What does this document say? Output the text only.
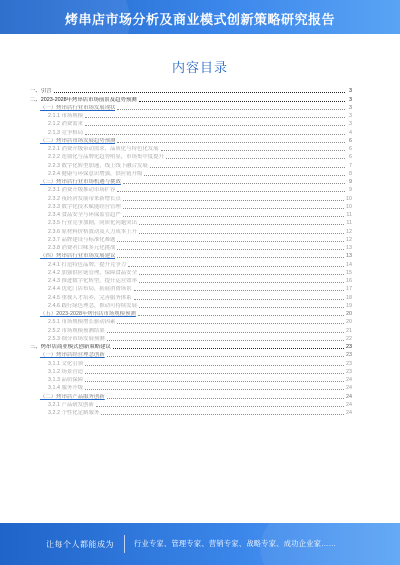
烤串店市场分析及商业模式创新策略研究报告
内容目录
一、引言	3
二、2023-2028年烤串店市场前景及趋势预测	3
（一）烤串店行业市场发展现状	3
2.1.1 市场规模	3
2.1.2 消费需求	3
2.1.3 竞争格局	4
（二）烤串店市场发展趋势预测	6
2.2.1 消费升级带动需求，品质化与特色化发展	6
2.2.2 连锁化与品牌化趋势明显，市场集中度提升	6
2.2.3 数字化转型加速，线上线下融合发展	7
2.2.4 健康与环保意识增强，供应链升级	8
（三）烤串店行业市场机遇与挑战	9
2.3.1 消费升级推动市场扩容	9
2.3.2 夜经济发展带来新增长点	10
2.3.3 数字化技术赋能经营管理	10
2.3.4 食品安全与环保监管趋严	11
2.3.5 行业竞争加剧，同质化问题突出	11
2.3.6 原材料价格波动及人力成本上升	12
2.3.7 品牌建设与标准化难题	12
2.3.8 消费者口味多元化挑战	13
（四）烤串店行业市场发展建议	13
2.4.1 打造特色品牌，提升竞争力	14
2.4.2 加强供应链管理，保障食品安全	15
2.4.3 推进数字化转型，提升运营效率	16
2.4.4 优化门店布局，拓展消费场景	17
2.4.5 重视人才培养，完善服务体系	18
2.4.6 践行绿色理念，推动可持续发展	19
（五）2023-2028年烤串店市场规模预测	20
2.5.1 市场规模增长驱动因素	20
2.5.2 市场规模预测结果	21
2.5.3 细分市场发展预测	22
三、烤串店商业模式创新策略建议	23
（一）烤串店经营理念创新	23
3.1.1 文化引领	23
3.1.2 场景营造	23
3.1.3 品质保障	24
3.1.4 服务升级	24
（二）烤串店产品服务创新	24
3.2.1 产品研发创新	24
3.2.2 个性化定制服务	24
让每个人都能成为	行业专家、管理专家、营销专家、战略专家、成功企业家……
